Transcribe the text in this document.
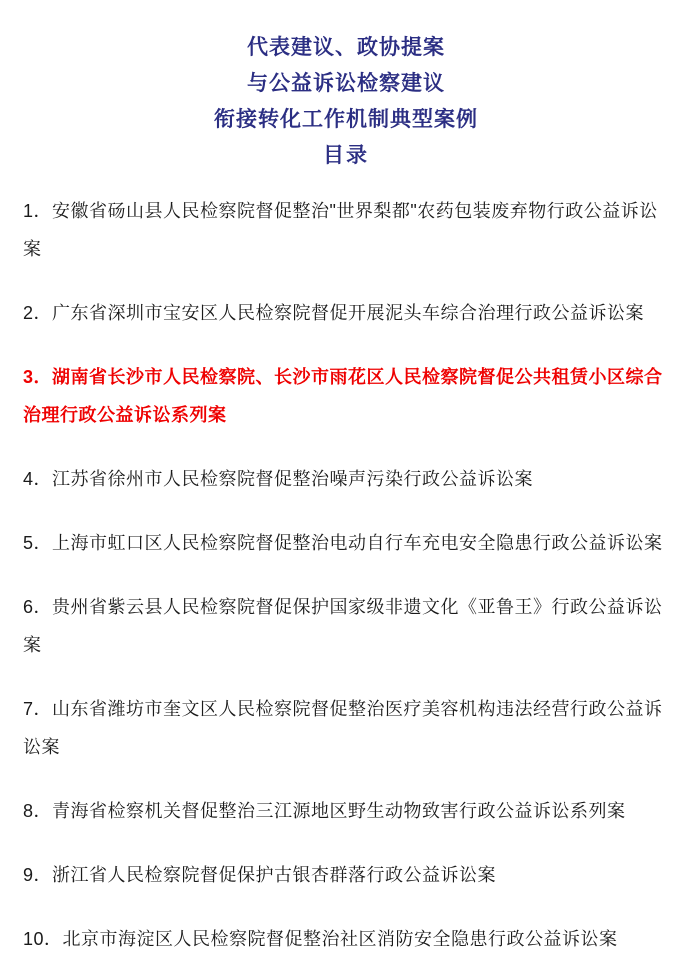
代表建议、政协提案
与公益诉讼检察建议
衔接转化工作机制典型案例
目录

1．安徽省砀山县人民检察院督促整治"世界梨都"农药包装废弃物行政公益诉讼案

2．广东省深圳市宝安区人民检察院督促开展泥头车综合治理行政公益诉讼案

3．湖南省长沙市人民检察院、长沙市雨花区人民检察院督促公共租赁小区综合治理行政公益诉讼系列案

4．江苏省徐州市人民检察院督促整治噪声污染行政公益诉讼案

5．上海市虹口区人民检察院督促整治电动自行车充电安全隐患行政公益诉讼案

6．贵州省紫云县人民检察院督促保护国家级非遗文化《亚鲁王》行政公益诉讼案

7．山东省潍坊市奎文区人民检察院督促整治医疗美容机构违法经营行政公益诉讼案

8．青海省检察机关督促整治三江源地区野生动物致害行政公益诉讼系列案

9．浙江省人民检察院督促保护古银杏群落行政公益诉讼案

10．北京市海淀区人民检察院督促整治社区消防安全隐患行政公益诉讼案
